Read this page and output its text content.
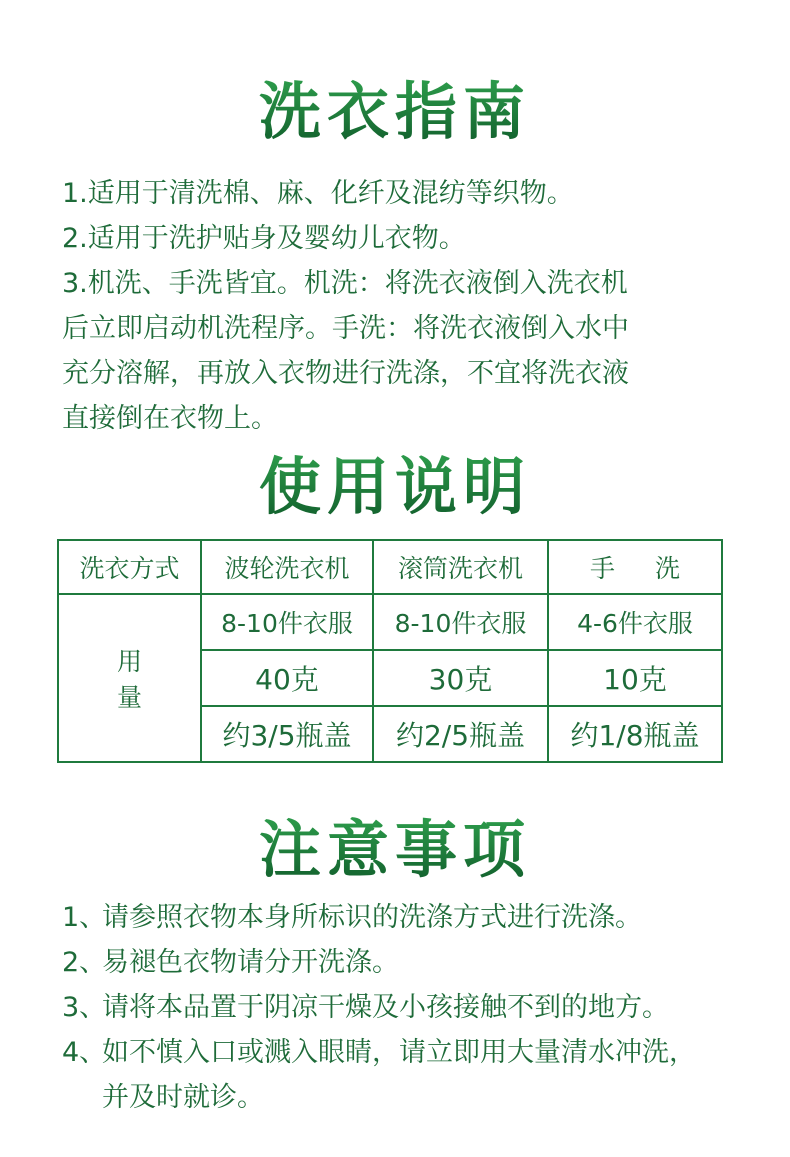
洗衣指南
1.适用于清洗棉、麻、化纤及混纺等织物。
2.适用于洗护贴身及婴幼儿衣物。
3.机洗、手洗皆宜。机洗：将洗衣液倒入洗衣机
后立即启动机洗程序。手洗：将洗衣液倒入水中
充分溶解，再放入衣物进行洗涤，不宜将洗衣液
直接倒在衣物上。
使用说明
洗衣方式	波轮洗衣机	滚筒洗衣机	手洗
用量	8-10件衣服	8-10件衣服	4-6件衣服
	40克	30克	10克
	约3/5瓶盖	约2/5瓶盖	约1/8瓶盖
注意事项
1、
请参照衣物本身所标识的洗涤方式进行洗涤。
2、
易褪色衣物请分开洗涤。
3、
请将本品置于阴凉干燥及小孩接触不到的地方。
4、
如不慎入口或溅入眼睛，请立即用大量清水冲洗，
并及时就诊。
